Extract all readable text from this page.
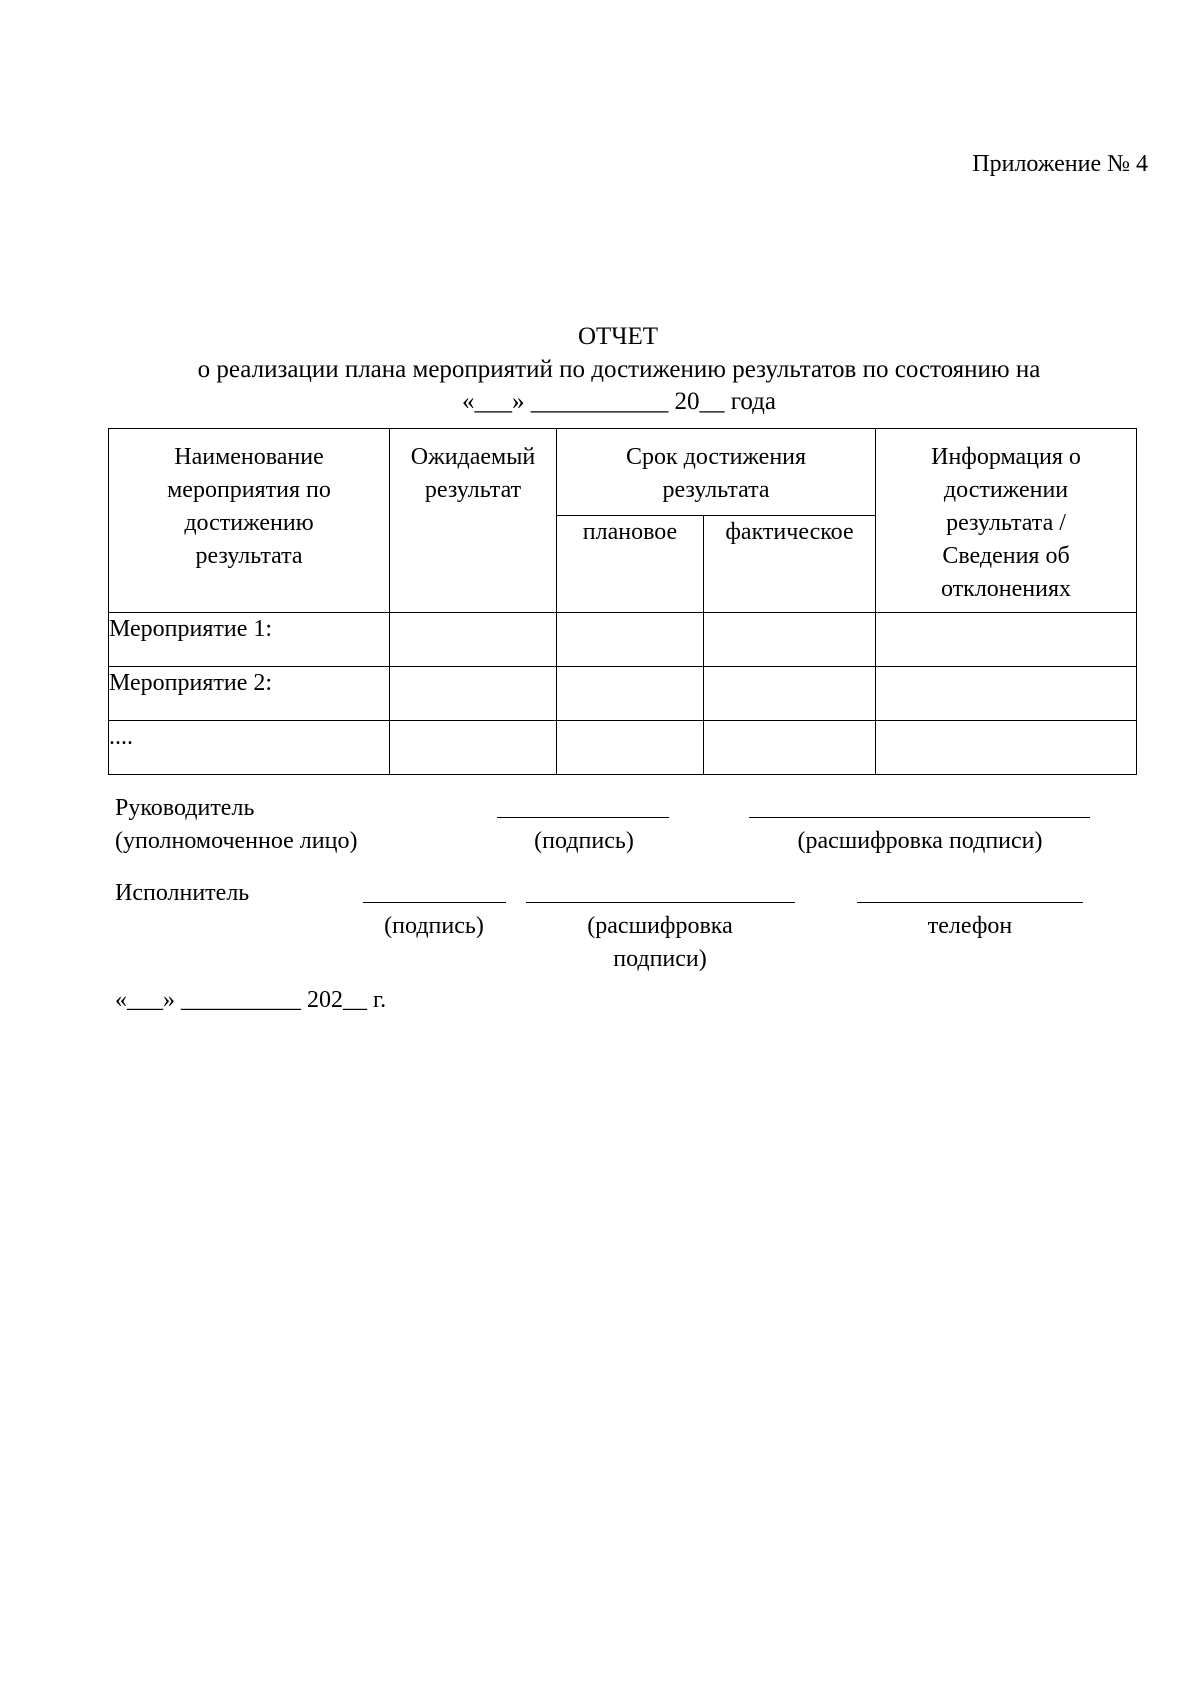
Приложение № 4
ОТЧЕТ
о реализации плана мероприятий по достижению результатов по состоянию на
«___» ___________ 20__ года
Наименование мероприятия по достижению результата	Ожидаемый результат	Срок достижения результата		Информация о достижении результата / Сведения об отклонениях
		плановое	фактическое	
Мероприятие 1:				
Мероприятие 2:				
....				
Руководитель
(уполномоченное лицо)	(подпись)	(расшифровка подписи)
Исполнитель
(подпись)	(расшифровка
подписи)
телефон
«___» __________ 202__ г.
